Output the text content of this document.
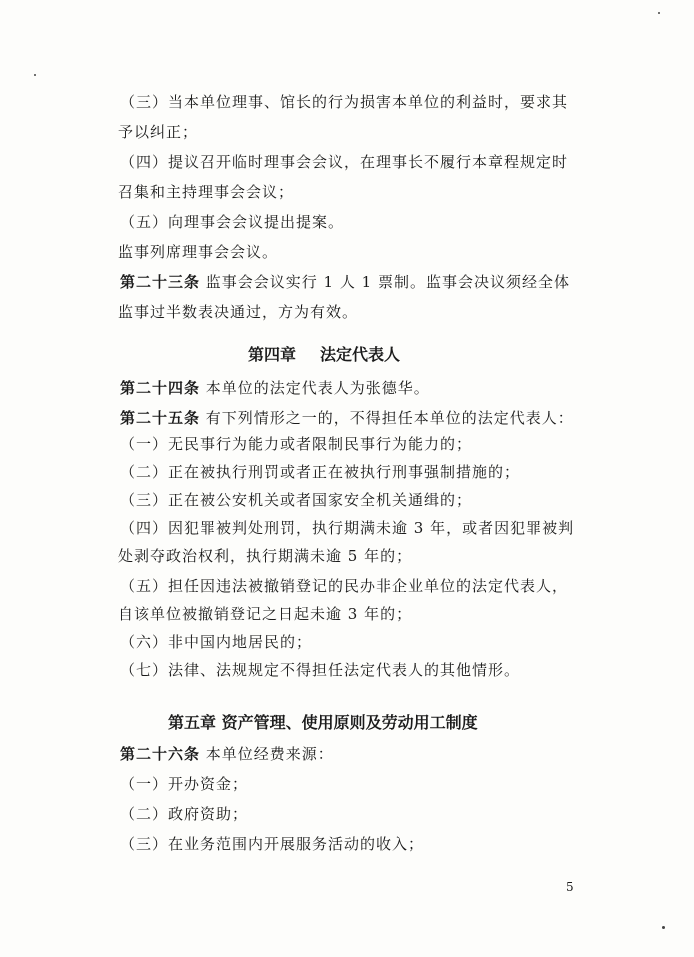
（三）当本单位理事、馆长的行为损害本单位的利益时，要求其
予以纠正；
（四）提议召开临时理事会会议，在理事长不履行本章程规定时
召集和主持理事会会议；
（五）向理事会会议提出提案。
监事列席理事会会议。
第二十三条 监事会会议实行 1 人 1 票制。监事会决议须经全体
监事过半数表决通过，方为有效。
第四章 法定代表人
第二十四条 本单位的法定代表人为张德华。
第二十五条 有下列情形之一的，不得担任本单位的法定代表人：
（一）无民事行为能力或者限制民事行为能力的；
（二）正在被执行刑罚或者正在被执行刑事强制措施的；
（三）正在被公安机关或者国家安全机关通缉的；
（四）因犯罪被判处刑罚，执行期满未逾 3 年，或者因犯罪被判
处剥夺政治权利，执行期满未逾 5 年的；
（五）担任因违法被撤销登记的民办非企业单位的法定代表人，
自该单位被撤销登记之日起未逾 3 年的；
（六）非中国内地居民的；
（七）法律、法规规定不得担任法定代表人的其他情形。
第五章 资产管理、使用原则及劳动用工制度
第二十六条 本单位经费来源：
（一）开办资金；
（二）政府资助；
（三）在业务范围内开展服务活动的收入；
5
